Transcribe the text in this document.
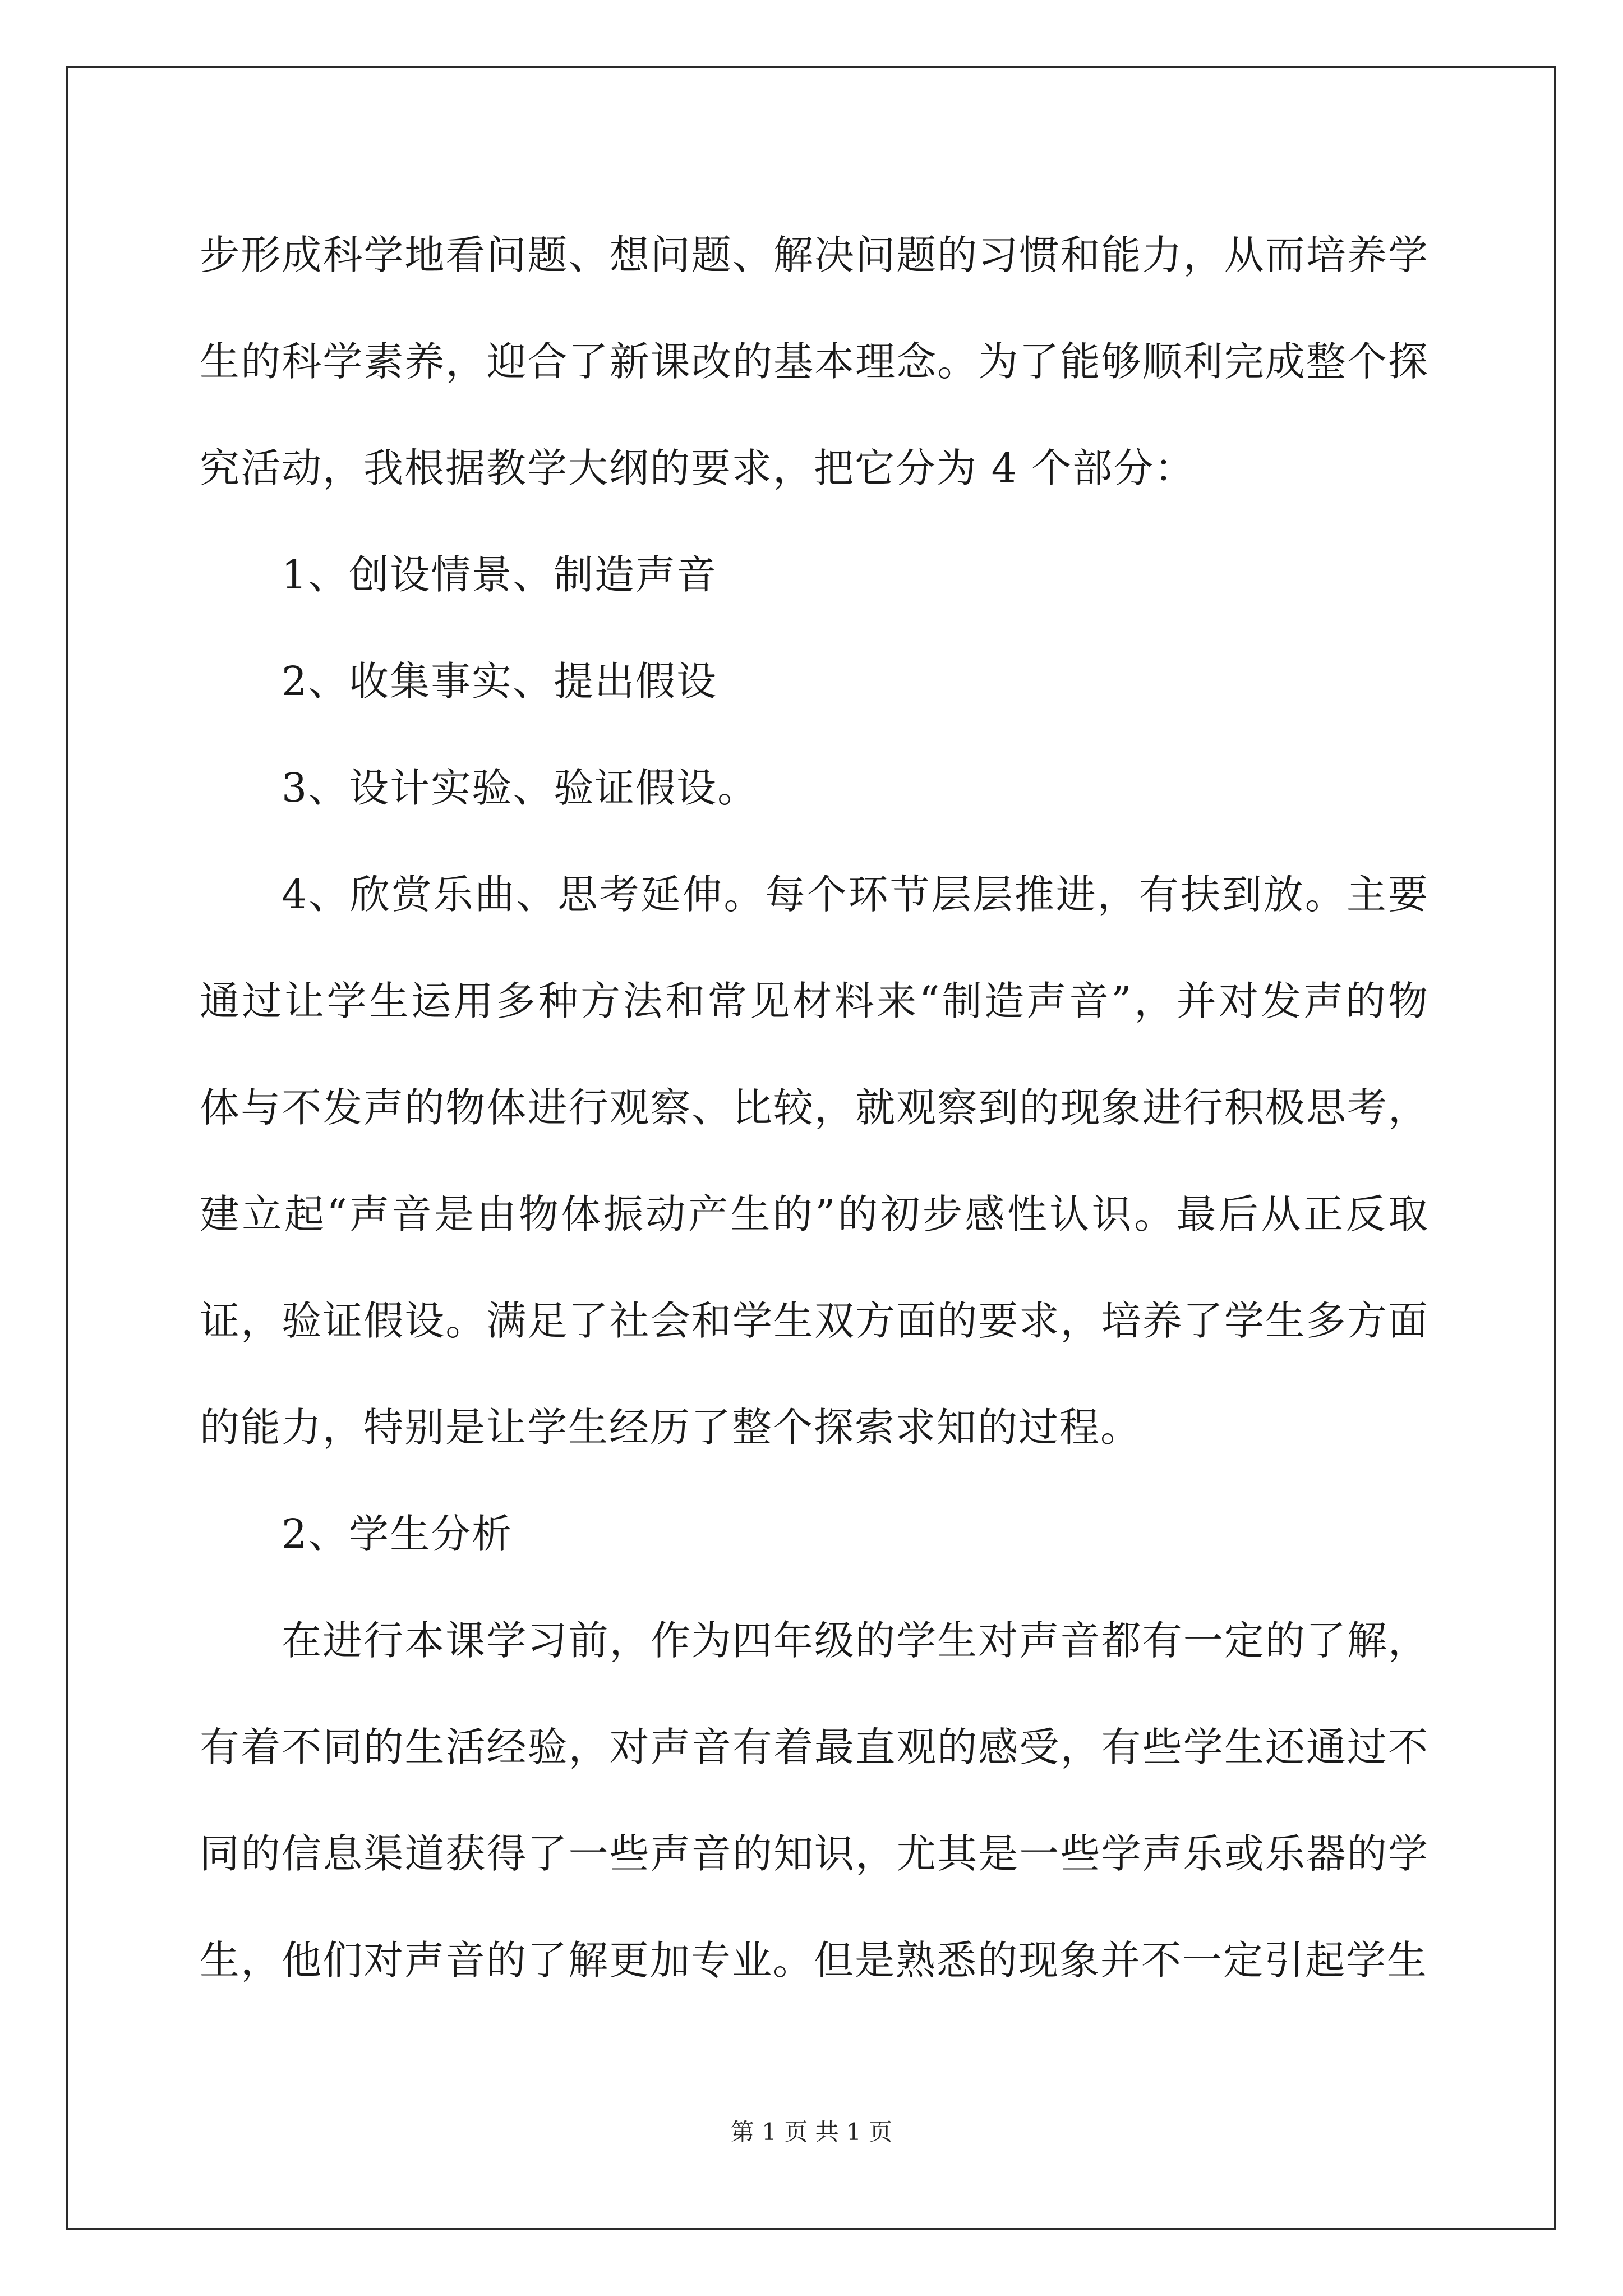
步形成科学地看问题、想问题、解决问题的习惯和能力，从而培养学生的科学素养，迎合了新课改的基本理念。为了能够顺利完成整个探究活动，我根据教学大纲的要求，把它分为 4 个部分：

1、创设情景、制造声音

2、收集事实、提出假设

3、设计实验、验证假设。

4、欣赏乐曲、思考延伸。每个环节层层推进，有扶到放。主要通过让学生运用多种方法和常见材料来“制造声音”，并对发声的物体与不发声的物体进行观察、比较，就观察到的现象进行积极思考，建立起“声音是由物体振动产生的”的初步感性认识。最后从正反取证，验证假设。满足了社会和学生双方面的要求，培养了学生多方面的能力，特别是让学生经历了整个探索求知的过程。

2、学生分析

在进行本课学习前，作为四年级的学生对声音都有一定的了解，有着不同的生活经验，对声音有着最直观的感受，有些学生还通过不同的信息渠道获得了一些声音的知识，尤其是一些学声乐或乐器的学生，他们对声音的了解更加专业。但是熟悉的现象并不一定引起学生

第 1 页 共 1 页
